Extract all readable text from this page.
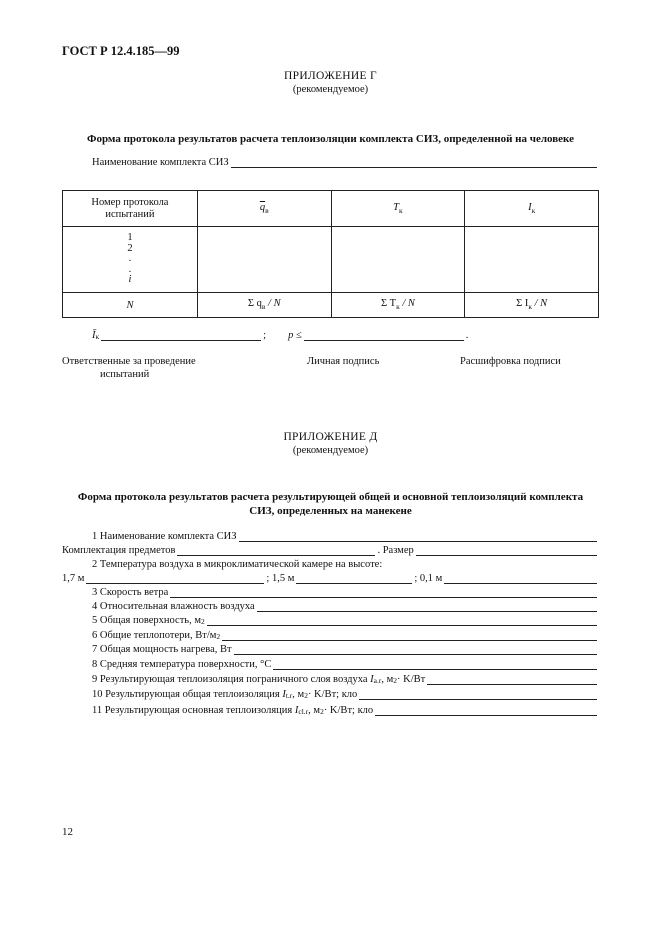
ГОСТ Р 12.4.185—99
ПРИЛОЖЕНИЕ Г
(рекомендуемое)
Форма протокола результатов расчета теплоизоляции комплекта СИЗ, определенной на человеке
Наименование комплекта СИЗ
Номер протокола испытаний	$\overline{q}_в$	$T_к$	$I_к$
1
2
.
.
i			
N	Σ $q_в$ / N	Σ $T_к$ / N	Σ $I_к$ / N
Ī к	; p ≤	.
Ответственные за проведение
испытаний
Личная подпись	Расшифровка подписи
ПРИЛОЖЕНИЕ Д
(рекомендуемое)
Форма протокола результатов расчета результирующей общей и основной теплоизоляций комплекта
СИЗ, определенных на манекене
1 Наименование комплекта СИЗ
Комплектация предметов	. Размер
2 Температура воздуха в микроклиматической камере на высоте:
1,7 м	; 1,5 м	; 0,1 м
3 Скорость ветра
4 Относительная влажность воздуха
5 Общая поверхность, м 2
6 Общие теплопотери, Вт/м 2
7 Общая мощность нагрева, Вт
8 Средняя температура поверхности, °С
9 Результирующая теплоизоляция пограничного слоя воздуха
I a.r , м 2 · K/Вт
10 Результирующая общая теплоизоляция
I t.r , м 2 · K/Вт; кло
11 Результирующая основная теплоизоляция
I cl.r , м 2 · K/Вт; кло
12
